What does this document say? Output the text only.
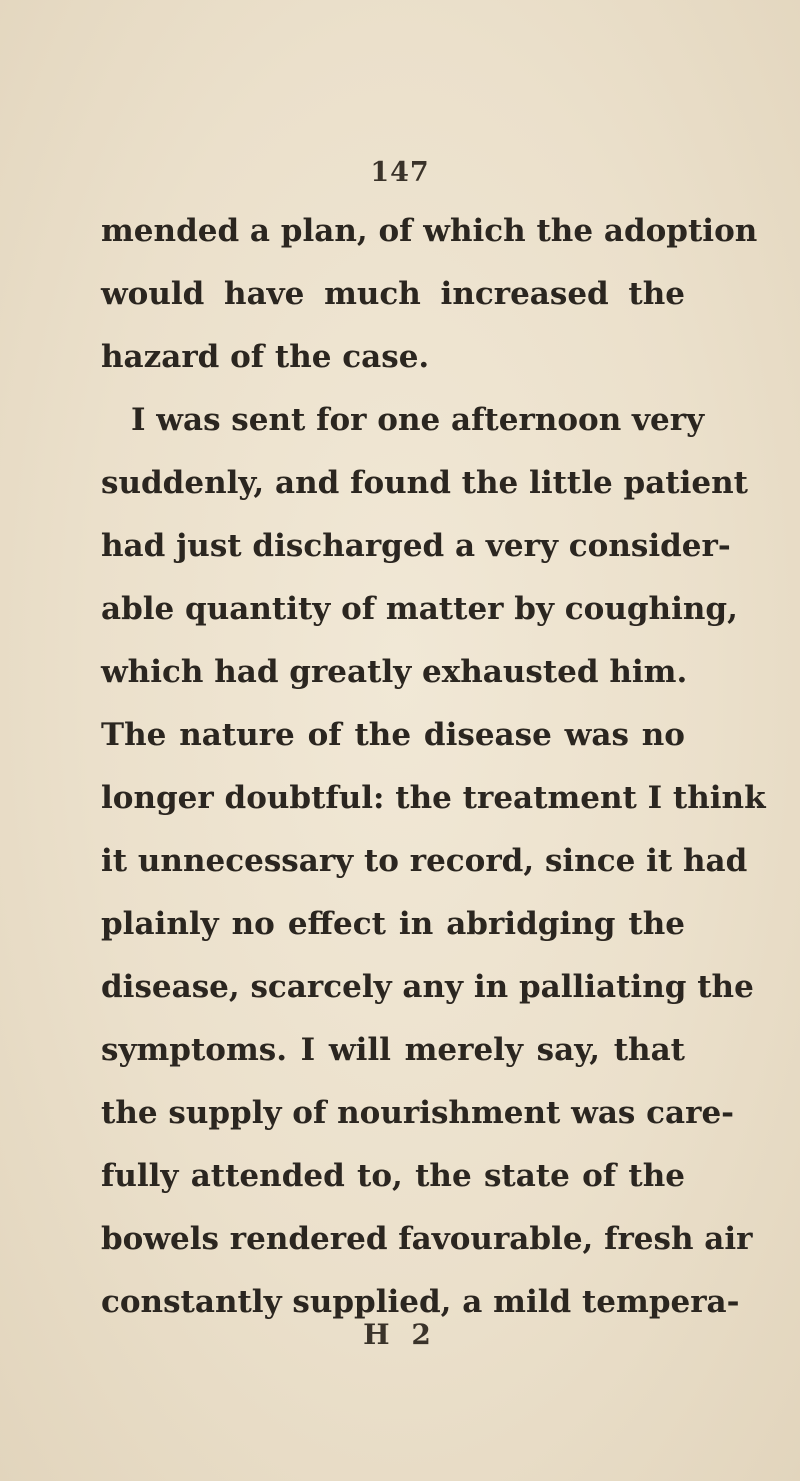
147
mended a plan, of which the adoption
would have much increased the
hazard of the case.
I was sent for one afternoon very
suddenly, and found the little patient
had just discharged a very consider-
able quantity of matter by coughing,
which had greatly exhausted him.
The nature of the disease was no
longer doubtful: the treatment I think
it unnecessary to record, since it had
plainly no effect in abridging the
disease, scarcely any in palliating the
symptoms. I will merely say, that
the supply of nourishment was care-
fully attended to, the state of the
bowels rendered favourable, fresh air
constantly supplied, a mild tempera-
H 2
